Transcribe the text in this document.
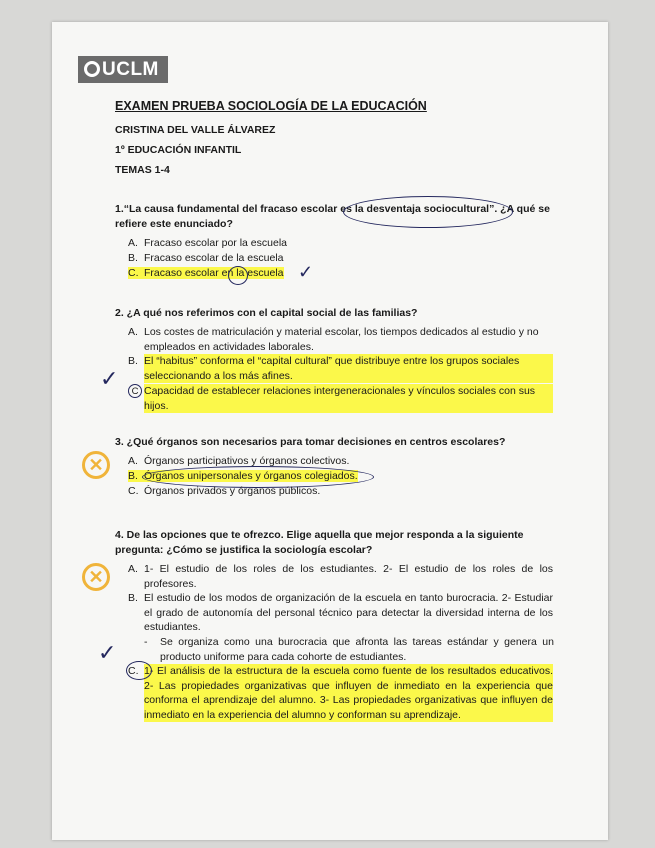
UCLM
EXAMEN PRUEBA SOCIOLOGÍA DE LA EDUCACIÓN
CRISTINA DEL VALLE ÁLVAREZ
1º EDUCACIÓN INFANTIL
TEMAS 1-4
1.“La causa fundamental del fracaso escolar es la desventaja sociocultural”. ¿A qué se refiere este enunciado?
A. Fracaso escolar por la escuela
B. Fracaso escolar de la escuela
C. Fracaso escolar en la escuela ✓
2. ¿A qué nos referimos con el capital social de las familias?
A. Los costes de matriculación y material escolar, los tiempos dedicados al estudio y no empleados en actividades laborales.
B. El “habitus” conforma el “capital cultural” que distribuye entre los grupos sociales seleccionando a los más afines.
C Capacidad de establecer relaciones intergeneracionales y vínculos sociales con sus hijos.
✓
3. ¿Qué órganos son necesarios para tomar decisiones en centros escolares?
✕	A. Órganos participativos y órganos colectivos.
B. Órganos unipersonales y órganos colegiados.
C. Órganos privados y órganos públicos.
4. De las opciones que te ofrezco. Elige aquella que mejor responda a la siguiente pregunta: ¿Cómo se justifica la sociología escolar?
✕	A. 1- El estudio de los roles de los estudiantes. 2- El estudio de los roles de los profesores.
B. El estudio de los modos de organización de la escuela en tanto burocracia. 2- Estudiar el grado de autonomía del personal técnico para detectar la diversidad interna de los estudiantes.
-	Se organiza como una burocracia que afronta las tareas estándar y genera un producto uniforme para cada cohorte de estudiantes.
✓
C. 1- El análisis de la estructura de la escuela como fuente de los resultados educativos. 2- Las propiedades organizativas que influyen de inmediato en la experiencia que conforma el aprendizaje del alumno. 3- Las propiedades organizativas que influyen de inmediato en la experiencia del alumno y conforman su aprendizaje.
